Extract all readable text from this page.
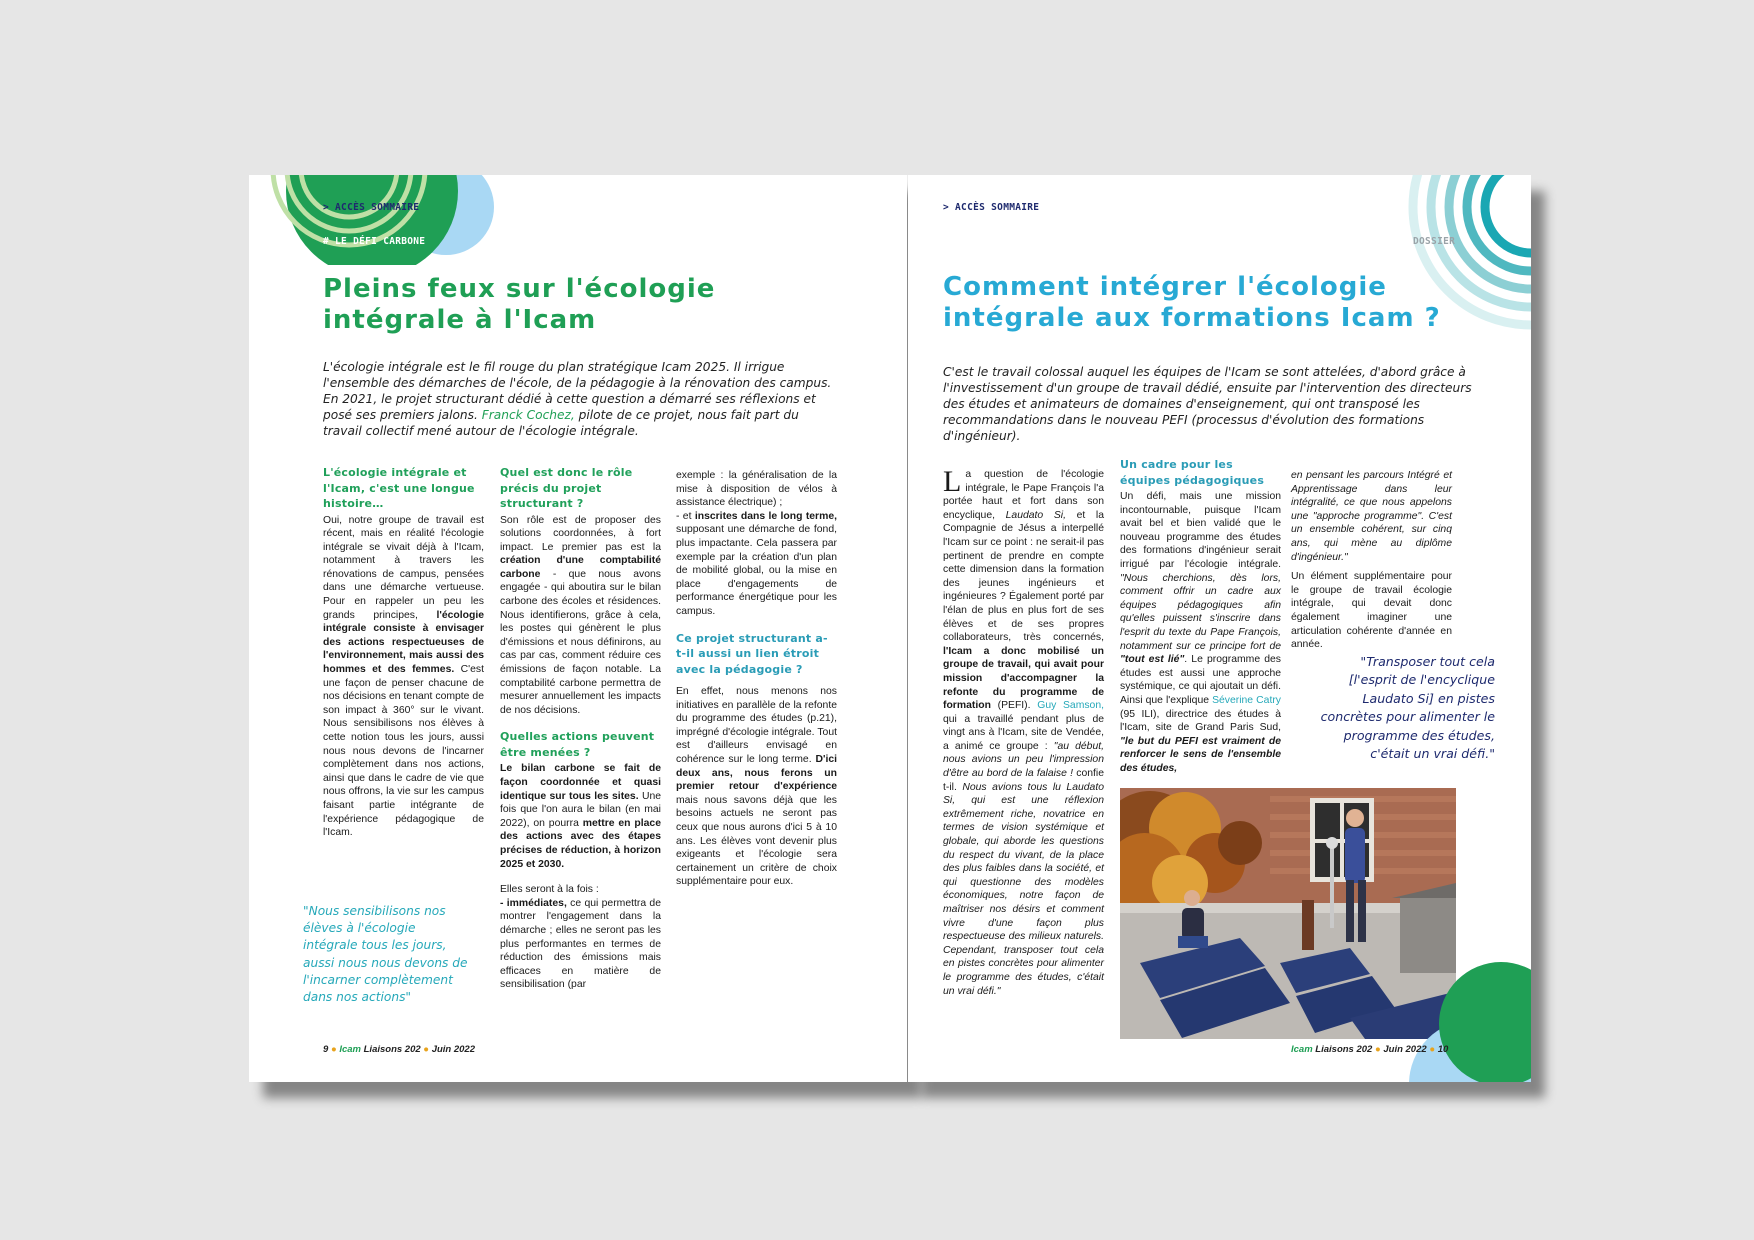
> ACCÈS SOMMAIRE
# LE DÉFI CARBONE
Pleins feux sur l'écologie intégrale à l'Icam

L'écologie intégrale est le fil rouge du plan stratégique Icam 2025. Il irrigue l'ensemble des démarches de l'école, de la pédagogie à la rénovation des campus. En 2021, le projet structurant dédié à cette question a démarré ses réflexions et posé ses premiers jalons. Franck Cochez, pilote de ce projet, nous fait part du travail collectif mené autour de l'écologie intégrale.

L'écologie intégrale et l'Icam, c'est une longue histoire…

Oui, notre groupe de travail est récent, mais en réalité l'écologie intégrale se vivait déjà à l'Icam, notamment à travers les rénovations de campus, pensées dans une démarche vertueuse. Pour en rappeler un peu les grands principes, l'écologie intégrale consiste à envisager des actions respectueuses de l'environnement, mais aussi des hommes et des femmes. C'est une façon de penser chacune de nos décisions en tenant compte de son impact à 360° sur le vivant. Nous sensibilisons nos élèves à cette notion tous les jours, aussi nous nous devons de l'incarner complètement dans nos actions, ainsi que dans le cadre de vie que nous offrons, la vie sur les campus faisant partie intégrante de l'expérience pédagogique de l'Icam.

"Nous sensibilisons nos élèves à l'écologie intégrale tous les jours, aussi nous nous devons de l'incarner complètement dans nos actions"
Quel est donc le rôle précis du projet structurant ?

Son rôle est de proposer des solutions coordonnées, à fort impact. Le premier pas est la création d'une comptabilité carbone - que nous avons engagée - qui aboutira sur le bilan carbone des écoles et résidences. Nous identifierons, grâce à cela, les postes qui génèrent le plus d'émissions et nous définirons, au cas par cas, comment réduire ces émissions de façon notable. La comptabilité carbone permettra de mesurer annuellement les impacts de nos décisions.

Quelles actions peuvent être menées ?

Le bilan carbone se fait de façon coordonnée et quasi identique sur tous les sites. Une fois que l'on aura le bilan (en mai 2022), on pourra mettre en place des actions avec des étapes précises de réduction, à horizon 2025 et 2030.

Elles seront à la fois :

- immédiates, ce qui permettra de montrer l'engagement dans la démarche ; elles ne seront pas les plus performantes en termes de réduction des émissions mais efficaces en matière de sensibilisation (par

exemple : la généralisation de la mise à disposition de vélos à assistance électrique) ;

- et inscrites dans le long terme, supposant une démarche de fond, plus impactante. Cela passera par exemple par la création d'un plan de mobilité global, ou la mise en place d'engagements de performance énergétique pour les campus.

Ce projet structurant a-t-il aussi un lien étroit avec la pédagogie ?

En effet, nous menons nos initiatives en parallèle de la refonte du programme des études (p.21), imprégné d'écologie intégrale. Tout est d'ailleurs envisagé en cohérence sur le long terme. D'ici deux ans, nous ferons un premier retour d'expérience mais nous savons déjà que les besoins actuels ne seront pas ceux que nous aurons d'ici 5 à 10 ans. Les élèves vont devenir plus exigeants et l'écologie sera certainement un critère de choix supplémentaire pour eux.

9 ● Icam Liaisons 202 ● Juin 2022
> ACCÈS SOMMAIRE
DOSSIER
Comment intégrer l'écologie intégrale aux formations Icam ?

C'est le travail colossal auquel les équipes de l'Icam se sont attelées, d'abord grâce à l'investissement d'un groupe de travail dédié, ensuite par l'intervention des directeurs des études et animateurs de domaines d'enseignement, qui ont transposé les recommandations dans le nouveau PEFI (processus d'évolution des formations d'ingénieur).

L a question de l'écologie intégrale, le Pape François l'a portée haut et fort dans son encyclique, Laudato Si, et la Compagnie de Jésus a interpellé l'Icam sur ce point : ne serait-il pas pertinent de prendre en compte cette dimension dans la formation des jeunes ingénieurs et ingénieures ? Également porté par l'élan de plus en plus fort de ses élèves et de ses propres collaborateurs, très concernés, l'Icam a donc mobilisé un groupe de travail, qui avait pour mission d'accompagner la refonte du programme de formation (PEFI). Guy Samson, qui a travaillé pendant plus de vingt ans à l'Icam, site de Vendée, a animé ce groupe : "au début, nous avions un peu l'impression d'être au bord de la falaise ! confie t-il. Nous avions tous lu Laudato Si, qui est une réflexion extrêmement riche, novatrice en termes de vision systémique et globale, qui aborde les questions du respect du vivant, de la place des plus faibles dans la société, et qui questionne des modèles économiques, notre façon de maîtriser nos désirs et comment vivre d'une façon plus respectueuse des milieux naturels. Cependant, transposer tout cela en pistes concrètes pour alimenter le programme des études, c'était un vrai défi."

Un cadre pour les équipes pédagogiques

Un défi, mais une mission incontournable, puisque l'Icam avait bel et bien validé que le nouveau programme des études des formations d'ingénieur serait irrigué par l'écologie intégrale. "Nous cherchions, dès lors, comment offrir un cadre aux équipes pédagogiques afin qu'elles puissent s'inscrire dans l'esprit du texte du Pape François, notamment sur ce principe fort de "tout est lié". Le programme des études est aussi une approche systémique, ce qui ajoutait un défi. Ainsi que l'explique Séverine Catry (95 ILI), directrice des études à l'Icam, site de Grand Paris Sud, "le but du PEFI est vraiment de renforcer le sens de l'ensemble des études,

en pensant les parcours Intégré et Apprentissage dans leur intégralité, ce que nous appelons une "approche programme". C'est un ensemble cohérent, sur cinq ans, qui mène au diplôme d'ingénieur."

Un élément supplémentaire pour le groupe de travail écologie intégrale, qui devait donc également imaginer une articulation cohérente d'année en année.

"Transposer tout cela [l'esprit de l'encyclique Laudato Si] en pistes concrètes pour alimenter le programme des études, c'était un vrai défi."
Icam Liaisons 202 ● Juin 2022 ● 10
